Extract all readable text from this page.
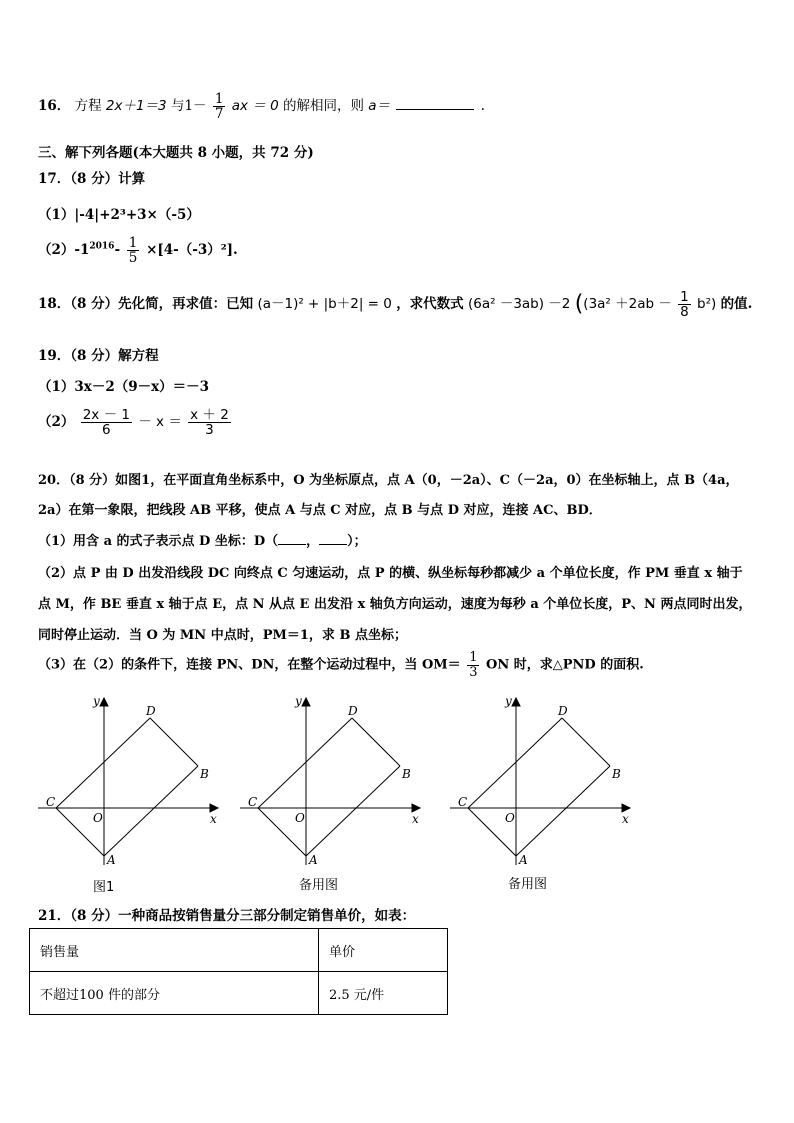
16． 方程 2x＋1＝3 与$1- \frac{1}{7}$ ax ＝ 0 的解相同，则 a＝	.
三、解下列各题(本大题共 8 小题，共 72 分)
17．（8 分）计算
（1）|-4|+2³+3×（-5）
$(2)-1^{2016}- \frac{1}{5} \times[4-(-3)^2]$.
18．（8 分）先化简，再求值：已知 (a－1)² + |b＋2| = 0 ，求代数式 (6a² －3ab) －2 ($(3a^2 +2ab - \frac{1}{8} b^2)$ 的值.
19．（8 分）解方程
（1）3x－2（9－x）＝－3
$(2) \frac{2x - 1}{6} - x = \frac{x + 2}{3}$
20．（8 分）如图1，在平面直角坐标系中，O 为坐标原点，点 A（0，－2a）、C（－2a，0）在坐标轴上，点 B（4a，
2a）在第一象限，把线段 AB 平移，使点 A 与点 C 对应，点 B 与点 D 对应，连接 AC、BD．
（1）用含 a 的式子表示点 D 坐标：D（ ， ）；
（2）点 P 由 D 出发沿线段 DC 向终点 C 匀速运动，点 P 的横、纵坐标每秒都减少 a 个单位长度，作 PM 垂直 x 轴于
点 M，作 BE 垂直 x 轴于点 E，点 N 从点 E 出发沿 x 轴负方向运动，速度为每秒 a 个单位长度，P、N 两点同时出发，
同时停止运动．当 O 为 MN 中点时，PM＝1，求 B 点坐标；
（3）在（2）的条件下，连接 PN、DN，在整个运动过程中，当 $OM= \frac{1}{3}$ ON 时，求△PND 的面积.
y
x
O
A
B
C
D
y
x
O
A
B
C
D
y
x
O
A
B
C
D
图1	备用图	备用图
21．（8 分）一种商品按销售量分三部分制定销售单价，如表：
销售量	单价
不超过100 件的部分	2.5 元/件
